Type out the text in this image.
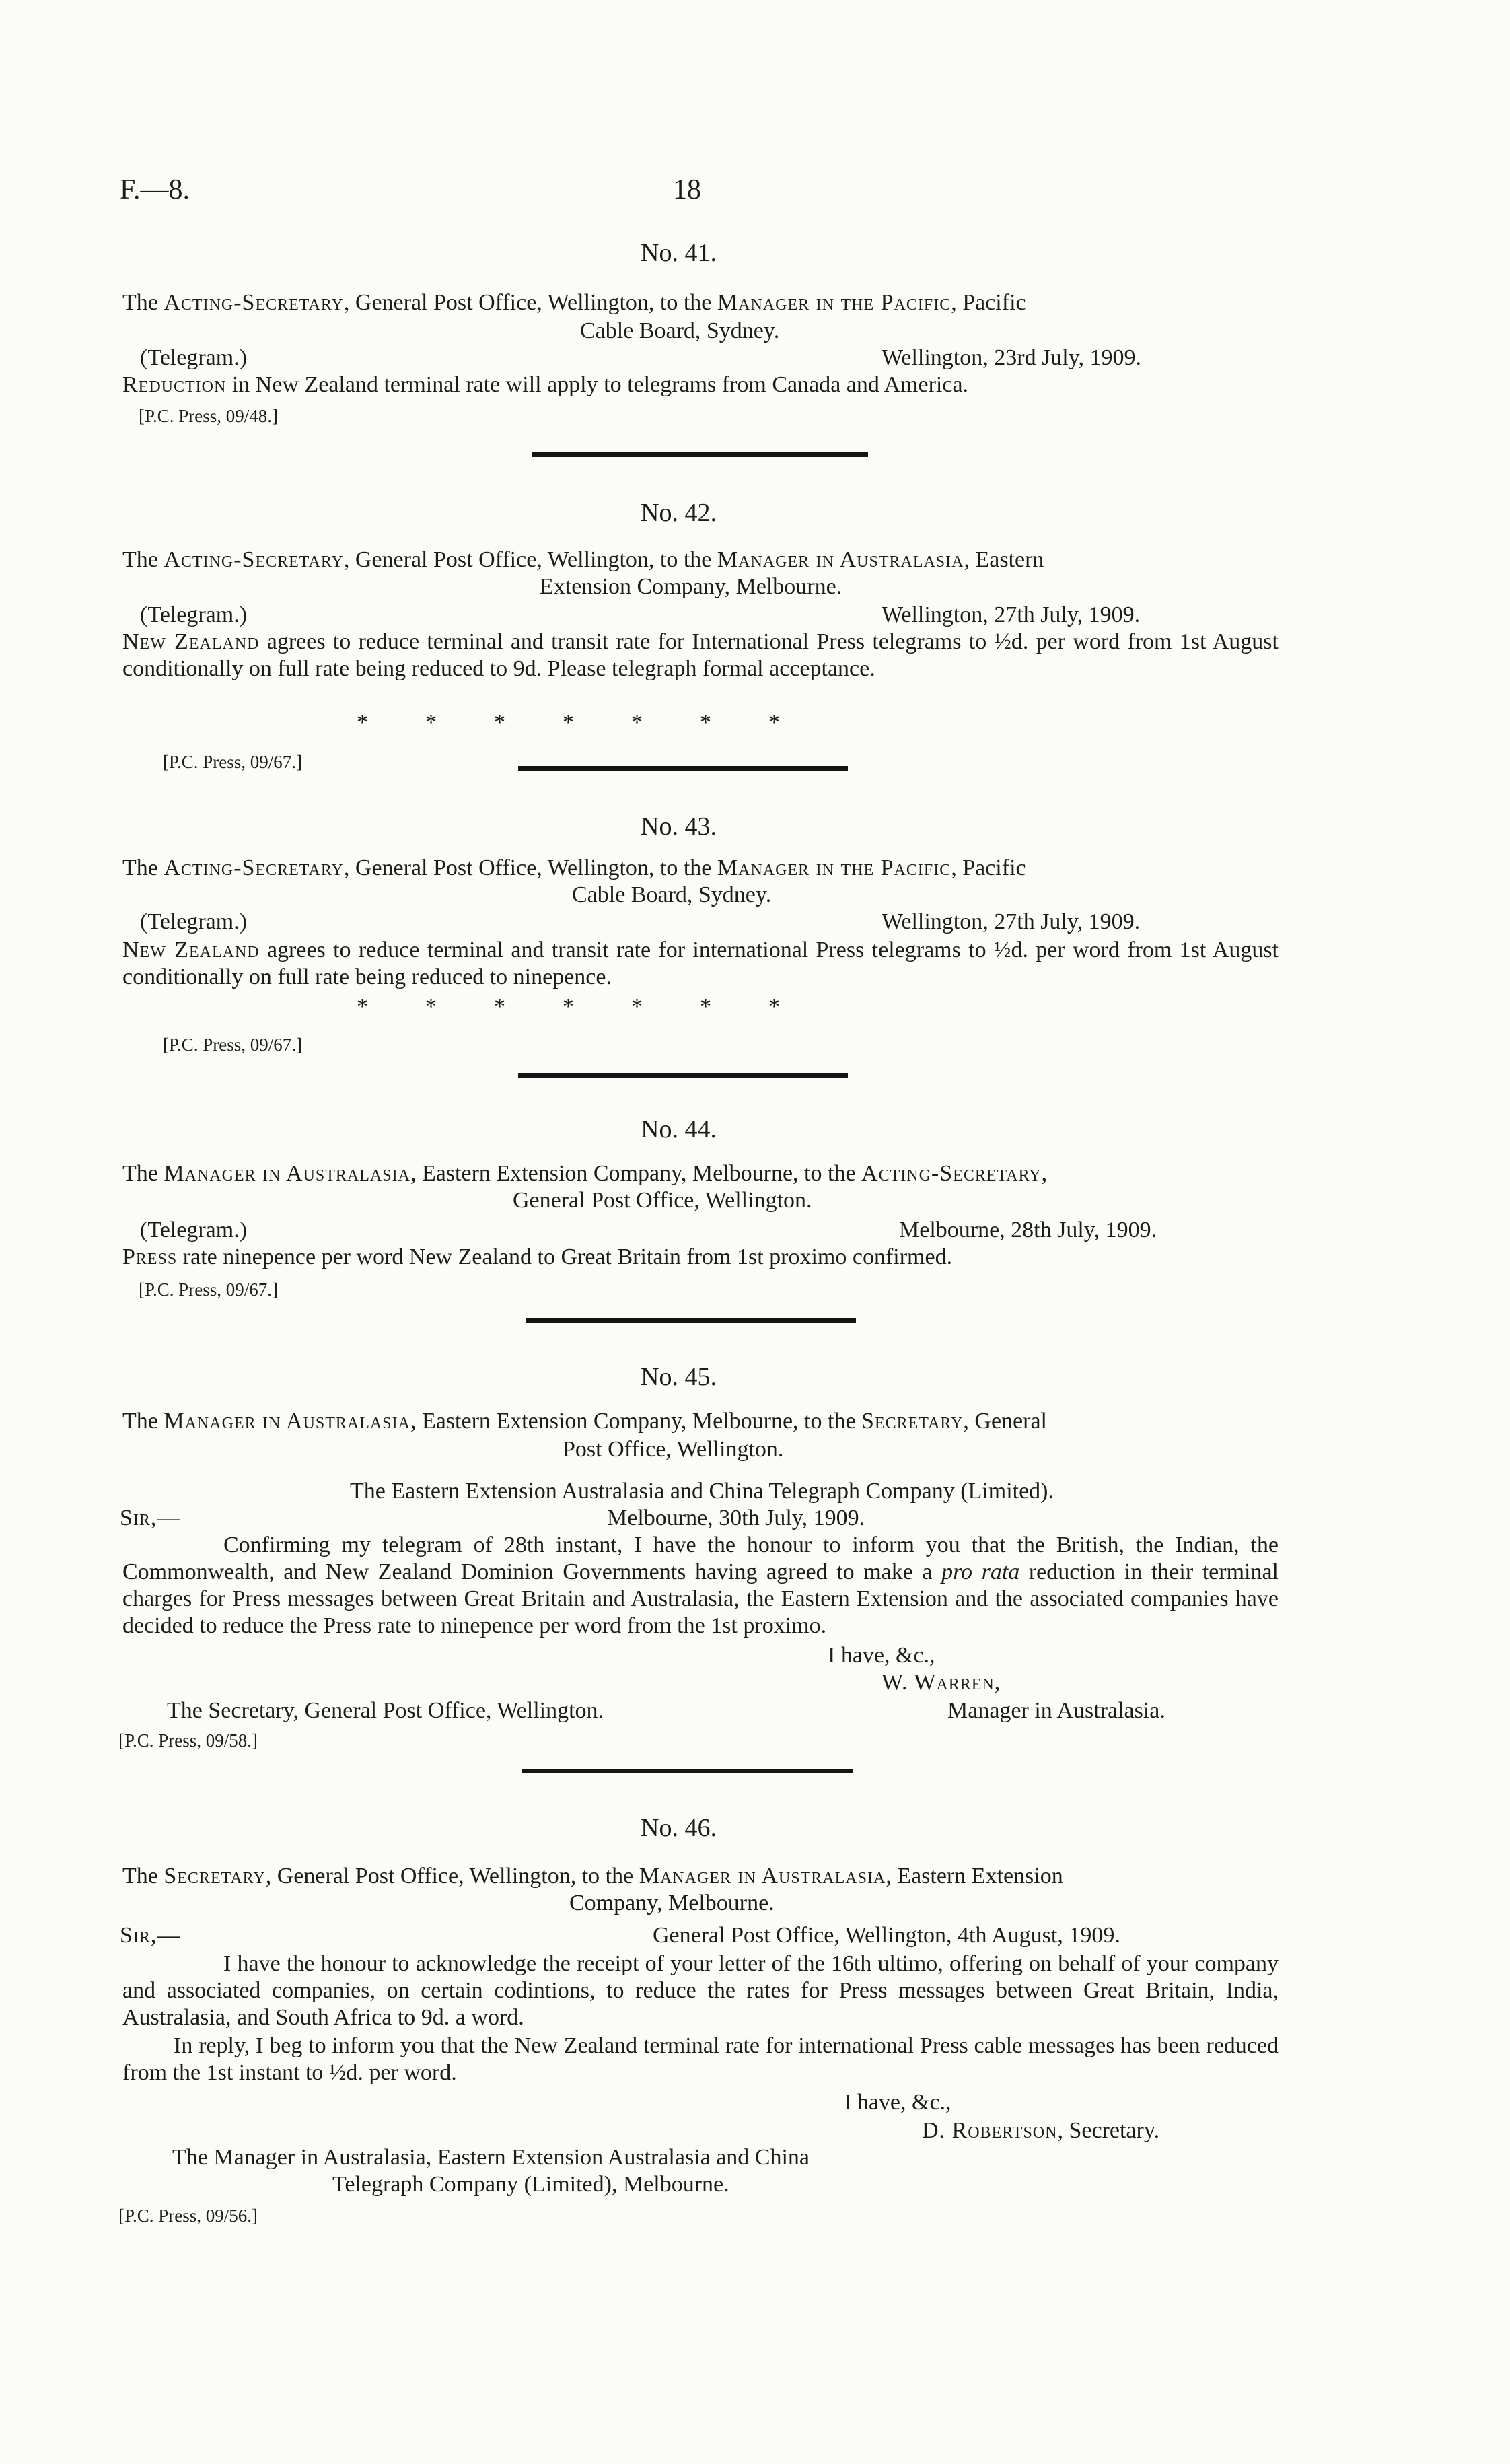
F.—8.	18
No. 41.
The Acting-Secretary, General Post Office, Wellington, to the Manager in the Pacific, Pacific
Cable Board, Sydney.
(Telegram.)	Wellington, 23rd July, 1909.
Reduction in New Zealand terminal rate will apply to telegrams from Canada and America.
[P.C. Press, 09/48.]
No. 42.
The Acting-Secretary, General Post Office, Wellington, to the Manager in Australasia, Eastern
Extension Company, Melbourne.
(Telegram.)	Wellington, 27th July, 1909.
New Zealand agrees to reduce terminal and transit rate for International Press telegrams to ½d. per word from 1st August conditionally on full rate being reduced to 9d. Please telegraph formal acceptance.
*          *          *          *          *          *          *
[P.C. Press, 09/67.]
No. 43.
The Acting-Secretary, General Post Office, Wellington, to the Manager in the Pacific, Pacific
Cable Board, Sydney.
(Telegram.)	Wellington, 27th July, 1909.
New Zealand agrees to reduce terminal and transit rate for international Press telegrams to ½d. per word from 1st August conditionally on full rate being reduced to ninepence.
*          *          *          *          *          *          *
[P.C. Press, 09/67.]
No. 44.
The Manager in Australasia, Eastern Extension Company, Melbourne, to the Acting-Secretary,
General Post Office, Wellington.
(Telegram.)	Melbourne, 28th July, 1909.
Press rate ninepence per word New Zealand to Great Britain from 1st proximo confirmed.
[P.C. Press, 09/67.]
No. 45.
The Manager in Australasia, Eastern Extension Company, Melbourne, to the Secretary, General
Post Office, Wellington.
The Eastern Extension Australasia and China Telegraph Company (Limited).
Sir,—	Melbourne, 30th July, 1909.
Confirming my telegram of 28th instant, I have the honour to inform you that the British, the Indian, the Commonwealth, and New Zealand Dominion Governments having agreed to make a pro rata reduction in their terminal charges for Press messages between Great Britain and Australasia, the Eastern Extension and the associated companies have decided to reduce the Press rate to ninepence per word from the 1st proximo.
I have, &c.,
W. Warren,
The Secretary, General Post Office, Wellington.	Manager in Australasia.
[P.C. Press, 09/58.]
No. 46.
The Secretary, General Post Office, Wellington, to the Manager in Australasia, Eastern Extension
Company, Melbourne.
Sir,—	General Post Office, Wellington, 4th August, 1909.
I have the honour to acknowledge the receipt of your letter of the 16th ultimo, offering on behalf of your company and associated companies, on certain codintions, to reduce the rates for Press messages between Great Britain, India, Australasia, and South Africa to 9d. a word.
In reply, I beg to inform you that the New Zealand terminal rate for international Press cable messages has been reduced from the 1st instant to ½d. per word.
I have, &c.,
D. Robertson, Secretary.
The Manager in Australasia, Eastern Extension Australasia and China
Telegraph Company (Limited), Melbourne.
[P.C. Press, 09/56.]
